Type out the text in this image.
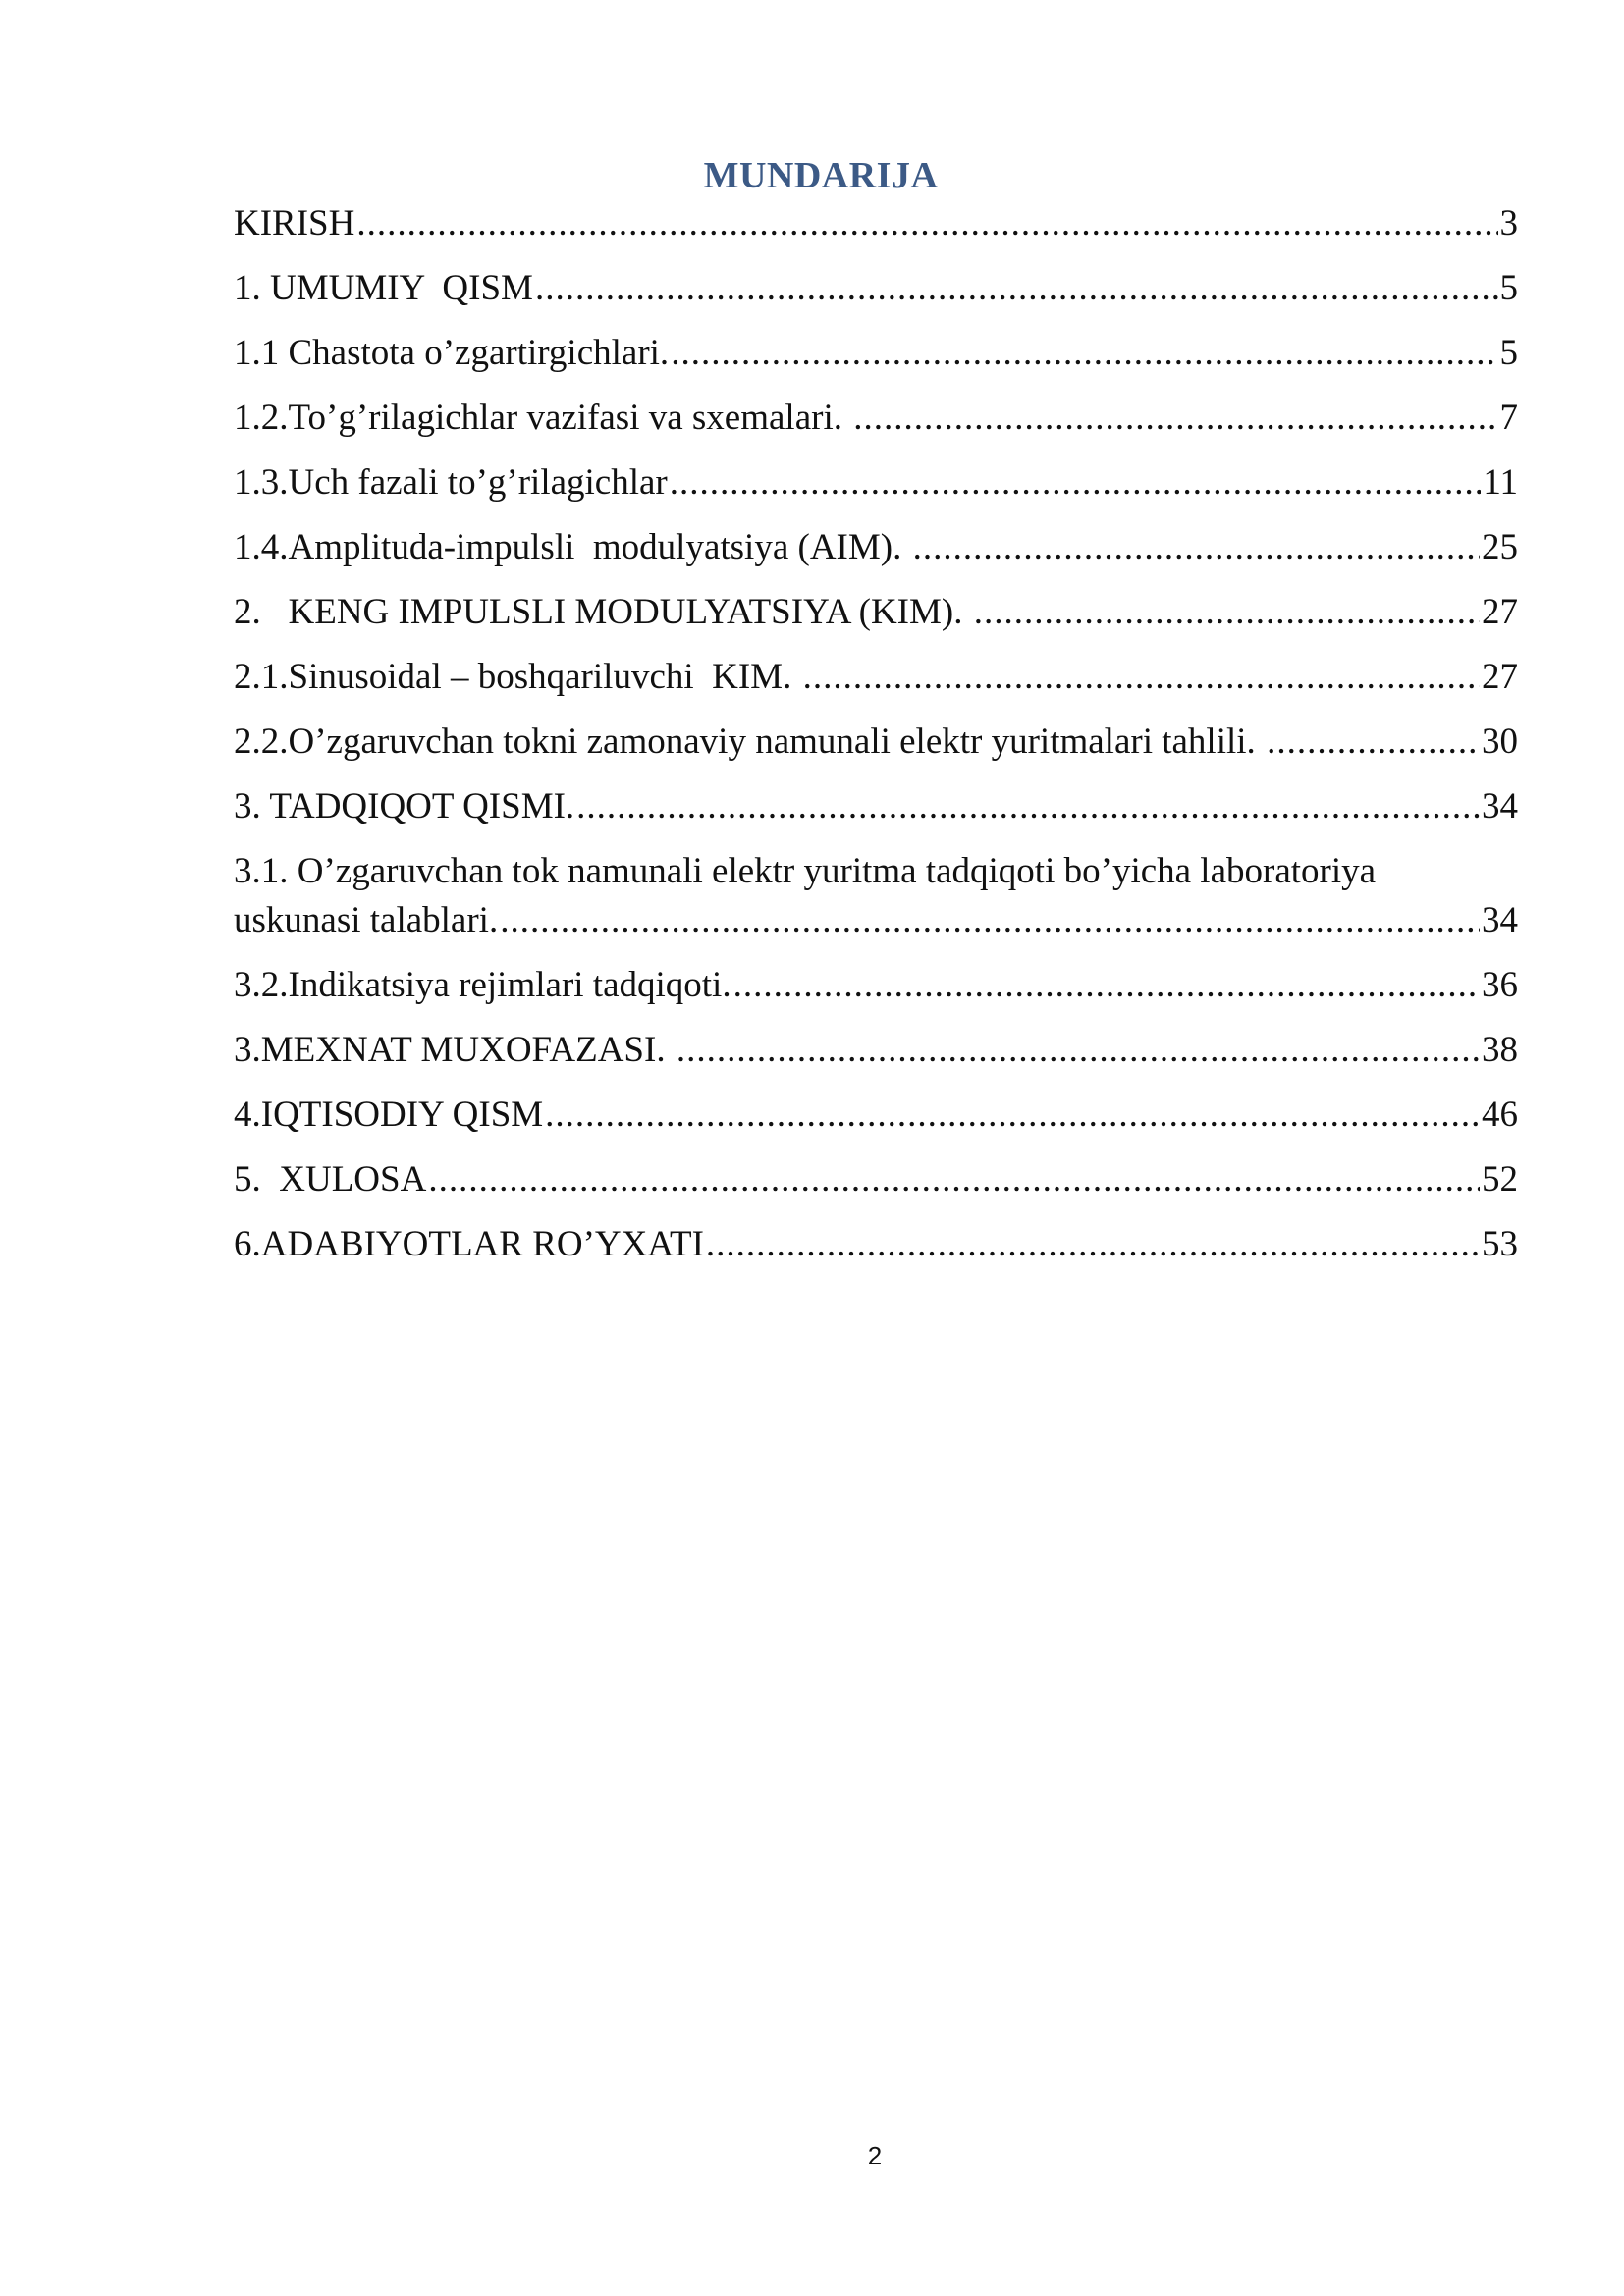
MUNDARIJA
KIRISH .....	3
1. UMUMIY  QISM .....	5
1.1 Chastota o’zgartirgichlari. .....	5
1.2.To’g’rilagichlar vazifasi va sxemalari. .....	7
1.3.Uch fazali to’g’rilagichlar .....	11
1.4.Amplituda-impulsli  modulyatsiya (AIM). .....	25
2.   KENG IMPULSLI MODULYATSIYA (KIM). .....	27
2.1.Sinusoidal – boshqariluvchi  KIM. .....	27
2.2.O’zgaruvchan tokni zamonaviy namunali elektr yuritmalari tahlili. .....	30
3. TADQIQOT QISMI. .....	34
3.1. O’zgaruvchan tok namunali elektr yuritma tadqiqoti bo’yicha laboratoriya
uskunasi talablari. .....	34
3.2.Indikatsiya rejimlari tadqiqoti. .....	36
3.MEXNAT MUXOFAZASI. .....	38
4.IQTISODIY QISM .....	46
5.  XULOSA .....	52
6.ADABIYOTLAR RO’YXATI .....	53
2
